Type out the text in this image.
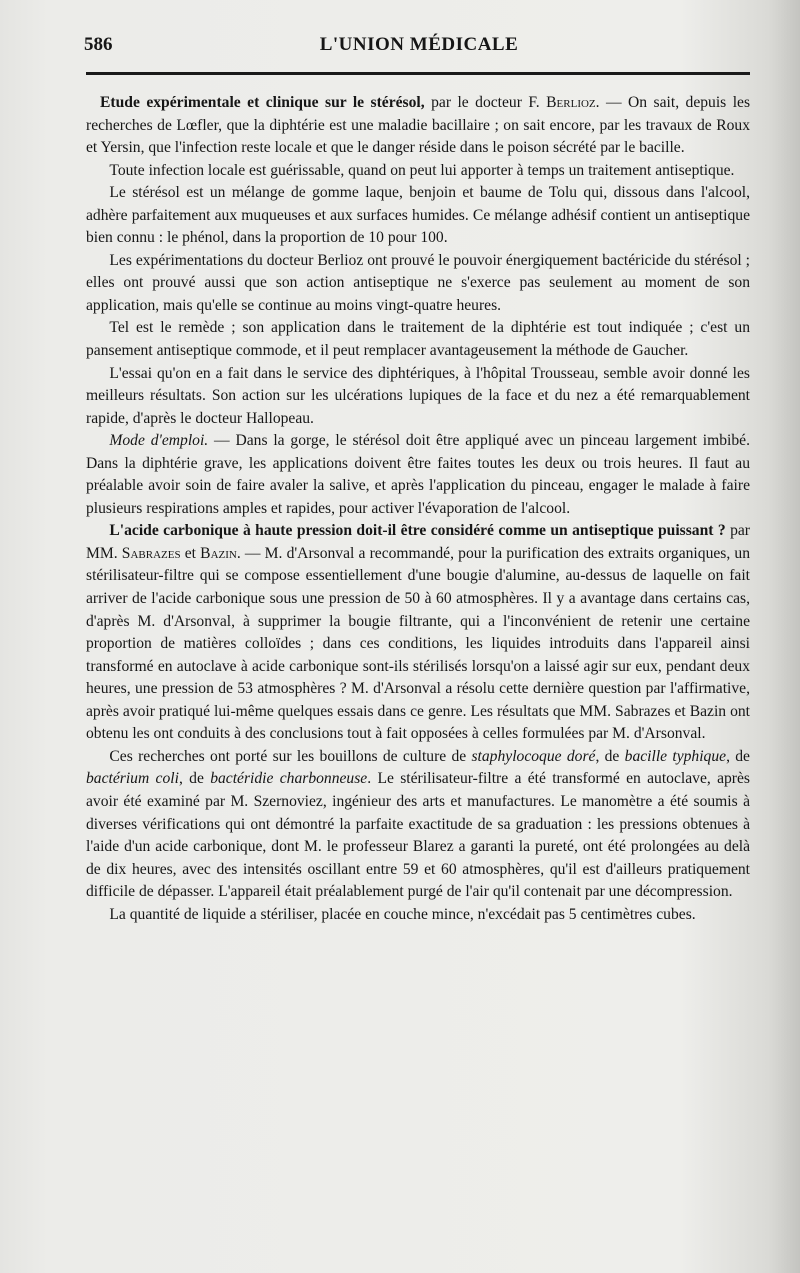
586	L'UNION MÉDICALE

Etude expérimentale et clinique sur le stérésol, par le docteur F. Berlioz. — On sait, depuis les recherches de Lœfler, que la diphtérie est une maladie bacillaire ; on sait encore, par les travaux de Roux et Yersin, que l'infection reste locale et que le danger réside dans le poison sécrété par le bacille.

Toute infection locale est guérissable, quand on peut lui apporter à temps un traitement antiseptique.

Le stérésol est un mélange de gomme laque, benjoin et baume de Tolu qui, dissous dans l'alcool, adhère parfaitement aux muqueuses et aux surfaces humides. Ce mélange adhésif contient un antiseptique bien connu : le phénol, dans la proportion de 10 pour 100.

Les expérimentations du docteur Berlioz ont prouvé le pouvoir énergiquement bactéricide du stérésol ; elles ont prouvé aussi que son action antiseptique ne s'exerce pas seulement au moment de son application, mais qu'elle se continue au moins vingt-quatre heures.

Tel est le remède ; son application dans le traitement de la diphtérie est tout indiquée ; c'est un pansement antiseptique commode, et il peut remplacer avantageusement la méthode de Gaucher.

L'essai qu'on en a fait dans le service des diphtériques, à l'hôpital Trousseau, semble avoir donné les meilleurs résultats. Son action sur les ulcérations lupiques de la face et du nez a été remarquablement rapide, d'après le docteur Hallopeau.

Mode d'emploi. — Dans la gorge, le stérésol doit être appliqué avec un pinceau largement imbibé. Dans la diphtérie grave, les applications doivent être faites toutes les deux ou trois heures. Il faut au préalable avoir soin de faire avaler la salive, et après l'application du pinceau, engager le malade à faire plusieurs respirations amples et rapides, pour activer l'évaporation de l'alcool.

L'acide carbonique à haute pression doit-il être considéré comme un antiseptique puissant ? par MM. Sabrazes et Bazin. — M. d'Arsonval a recommandé, pour la purification des extraits organiques, un stérilisateur-filtre qui se compose essentiellement d'une bougie d'alumine, au-dessus de laquelle on fait arriver de l'acide carbonique sous une pression de 50 à 60 atmosphères. Il y a avantage dans certains cas, d'après M. d'Arsonval, à supprimer la bougie filtrante, qui a l'inconvénient de retenir une certaine proportion de matières colloïdes ; dans ces conditions, les liquides introduits dans l'appareil ainsi transformé en autoclave à acide carbonique sont-ils stérilisés lorsqu'on a laissé agir sur eux, pendant deux heures, une pression de 53 atmosphères ? M. d'Arsonval a résolu cette dernière question par l'affirmative, après avoir pratiqué lui-même quelques essais dans ce genre. Les résultats que MM. Sabrazes et Bazin ont obtenu les ont conduits à des conclusions tout à fait opposées à celles formulées par M. d'Arsonval.

Ces recherches ont porté sur les bouillons de culture de staphylocoque doré, de bacille typhique, de bactérium coli, de bactéridie charbonneuse. Le stérilisateur-filtre a été transformé en autoclave, après avoir été examiné par M. Szernoviez, ingénieur des arts et manufactures. Le manomètre a été soumis à diverses vérifications qui ont démontré la parfaite exactitude de sa graduation : les pressions obtenues à l'aide d'un acide carbonique, dont M. le professeur Blarez a garanti la pureté, ont été prolongées au delà de dix heures, avec des intensités oscillant entre 59 et 60 atmosphères, qu'il est d'ailleurs pratiquement difficile de dépasser. L'appareil était préalablement purgé de l'air qu'il contenait par une décompression.

La quantité de liquide a stériliser, placée en couche mince, n'excédait pas 5 centimètres cubes.
